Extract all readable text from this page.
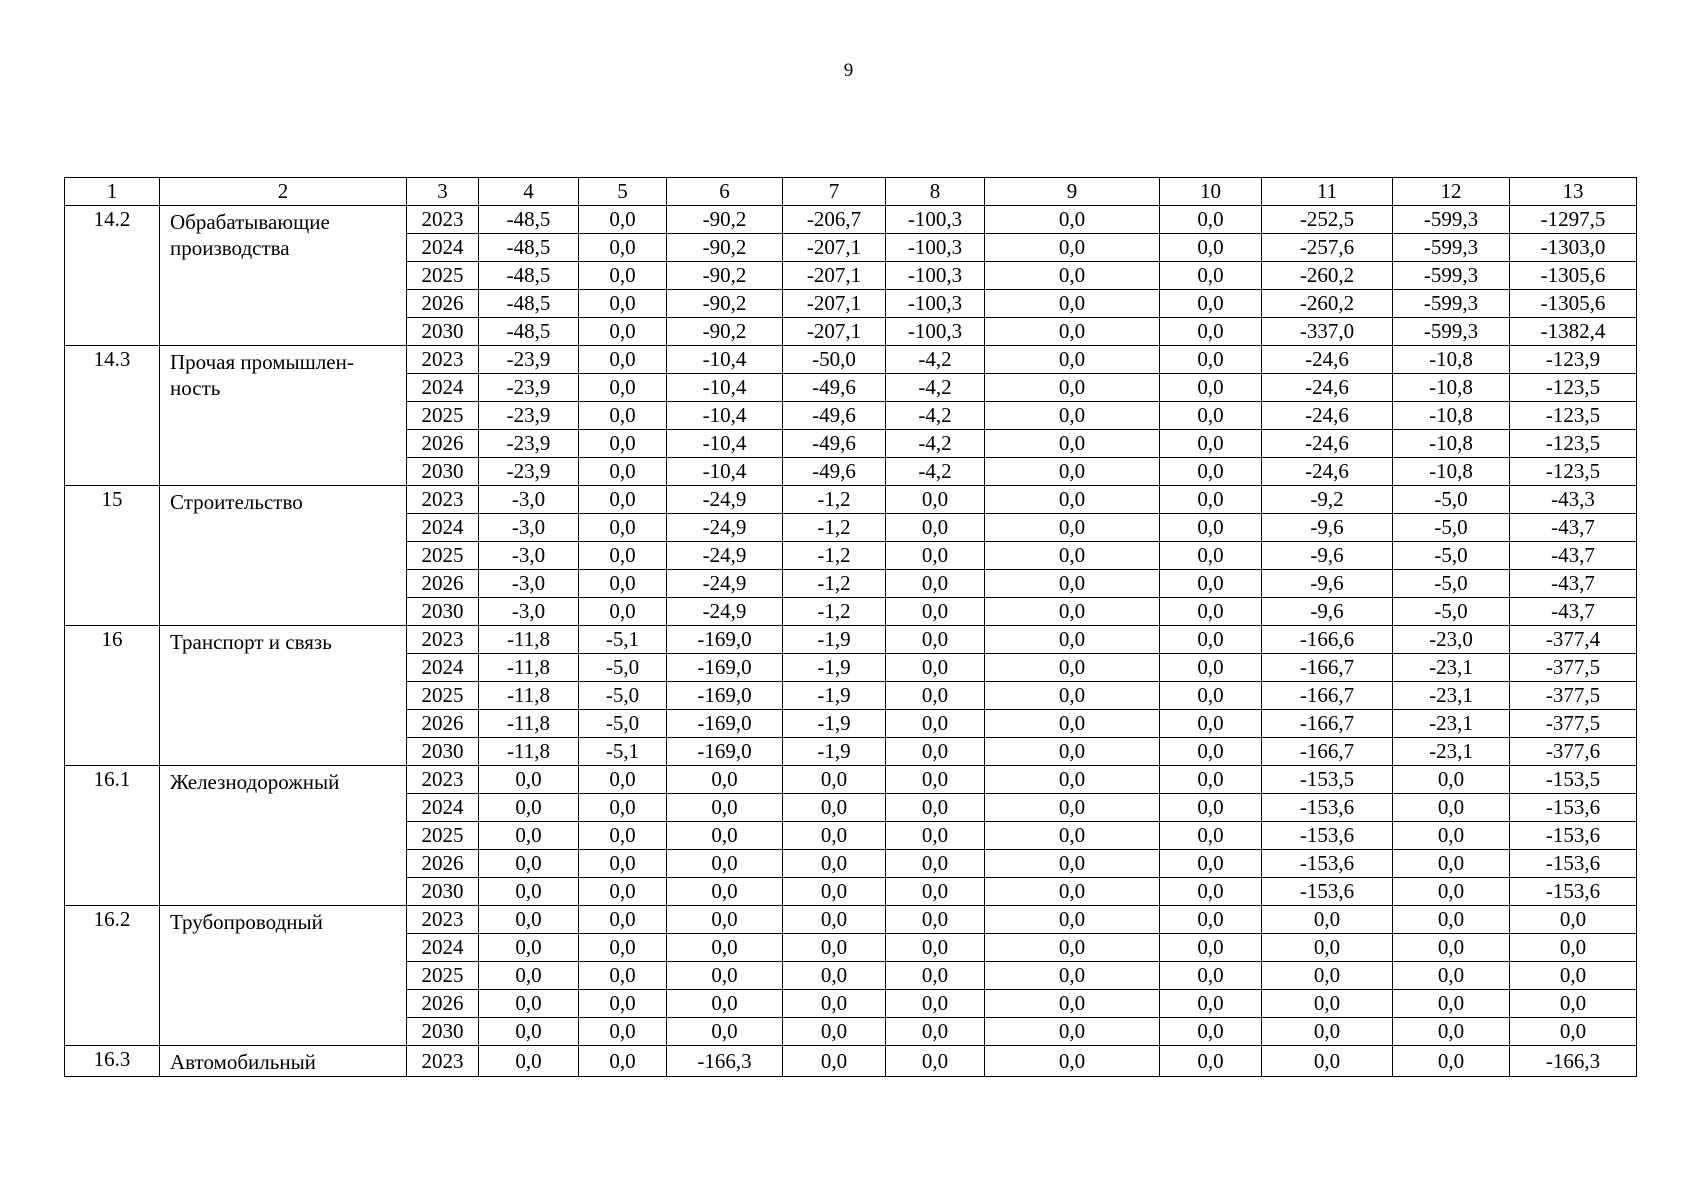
9
1	2	3	4	5	6	7	8	9	10	11	12	13
14.2	Обрабатывающие производства	2023	-48,5	0,0	-90,2	-206,7	-100,3	0,0	0,0	-252,5	-599,3	-1297,5
		2024	-48,5	0,0	-90,2	-207,1	-100,3	0,0	0,0	-257,6	-599,3	-1303,0
		2025	-48,5	0,0	-90,2	-207,1	-100,3	0,0	0,0	-260,2	-599,3	-1305,6
		2026	-48,5	0,0	-90,2	-207,1	-100,3	0,0	0,0	-260,2	-599,3	-1305,6
		2030	-48,5	0,0	-90,2	-207,1	-100,3	0,0	0,0	-337,0	-599,3	-1382,4
14.3	Прочая промышлен-ность	2023	-23,9	0,0	-10,4	-50,0	-4,2	0,0	0,0	-24,6	-10,8	-123,9
		2024	-23,9	0,0	-10,4	-49,6	-4,2	0,0	0,0	-24,6	-10,8	-123,5
		2025	-23,9	0,0	-10,4	-49,6	-4,2	0,0	0,0	-24,6	-10,8	-123,5
		2026	-23,9	0,0	-10,4	-49,6	-4,2	0,0	0,0	-24,6	-10,8	-123,5
		2030	-23,9	0,0	-10,4	-49,6	-4,2	0,0	0,0	-24,6	-10,8	-123,5
15	Строительство	2023	-3,0	0,0	-24,9	-1,2	0,0	0,0	0,0	-9,2	-5,0	-43,3
		2024	-3,0	0,0	-24,9	-1,2	0,0	0,0	0,0	-9,6	-5,0	-43,7
		2025	-3,0	0,0	-24,9	-1,2	0,0	0,0	0,0	-9,6	-5,0	-43,7
		2026	-3,0	0,0	-24,9	-1,2	0,0	0,0	0,0	-9,6	-5,0	-43,7
		2030	-3,0	0,0	-24,9	-1,2	0,0	0,0	0,0	-9,6	-5,0	-43,7
16	Транспорт и связь	2023	-11,8	-5,1	-169,0	-1,9	0,0	0,0	0,0	-166,6	-23,0	-377,4
		2024	-11,8	-5,0	-169,0	-1,9	0,0	0,0	0,0	-166,7	-23,1	-377,5
		2025	-11,8	-5,0	-169,0	-1,9	0,0	0,0	0,0	-166,7	-23,1	-377,5
		2026	-11,8	-5,0	-169,0	-1,9	0,0	0,0	0,0	-166,7	-23,1	-377,5
		2030	-11,8	-5,1	-169,0	-1,9	0,0	0,0	0,0	-166,7	-23,1	-377,6
16.1	Железнодорожный	2023	0,0	0,0	0,0	0,0	0,0	0,0	0,0	-153,5	0,0	-153,5
		2024	0,0	0,0	0,0	0,0	0,0	0,0	0,0	-153,6	0,0	-153,6
		2025	0,0	0,0	0,0	0,0	0,0	0,0	0,0	-153,6	0,0	-153,6
		2026	0,0	0,0	0,0	0,0	0,0	0,0	0,0	-153,6	0,0	-153,6
		2030	0,0	0,0	0,0	0,0	0,0	0,0	0,0	-153,6	0,0	-153,6
16.2	Трубопроводный	2023	0,0	0,0	0,0	0,0	0,0	0,0	0,0	0,0	0,0	0,0
		2024	0,0	0,0	0,0	0,0	0,0	0,0	0,0	0,0	0,0	0,0
		2025	0,0	0,0	0,0	0,0	0,0	0,0	0,0	0,0	0,0	0,0
		2026	0,0	0,0	0,0	0,0	0,0	0,0	0,0	0,0	0,0	0,0
		2030	0,0	0,0	0,0	0,0	0,0	0,0	0,0	0,0	0,0	0,0
16.3	Автомобильный	2023	0,0	0,0	-166,3	0,0	0,0	0,0	0,0	0,0	0,0	-166,3
